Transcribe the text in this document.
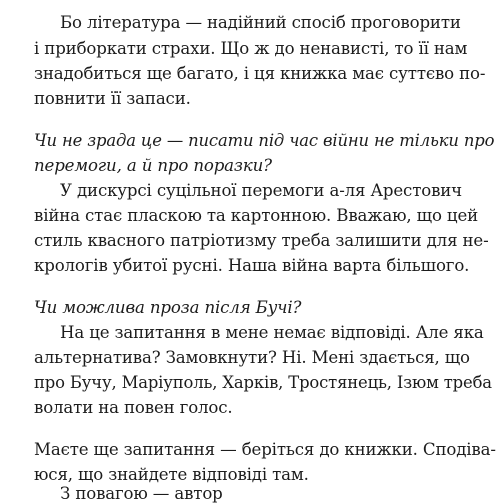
Бо література — надійний спосіб проговорити
і приборкати страхи. Що ж до ненависті, то її нам
знадобиться ще багато, і ця книжка має суттєво по-
повнити її запаси.
Чи не зрада це — писати під час війни не тільки про
перемоги, а й про поразки?
У дискурсі суцільної перемоги а-ля Арестович
війна стає пласкою та картонною. Вважаю, що цей
стиль квасного патріотизму треба залишити для не-
крологів убитої русні. Наша війна варта більшого.
Чи можлива проза після Бучі?
На це запитання в мене немає відповіді. Але яка
альтернатива? Замовкнути? Ні. Мені здається, що
про Бучу, Маріуполь, Харків, Тростянець, Ізюм треба
волати на повен голос.
Маєте ще запитання — беріться до книжки. Сподіва-
юся, що знайдете відповіді там.
З повагою — автор
